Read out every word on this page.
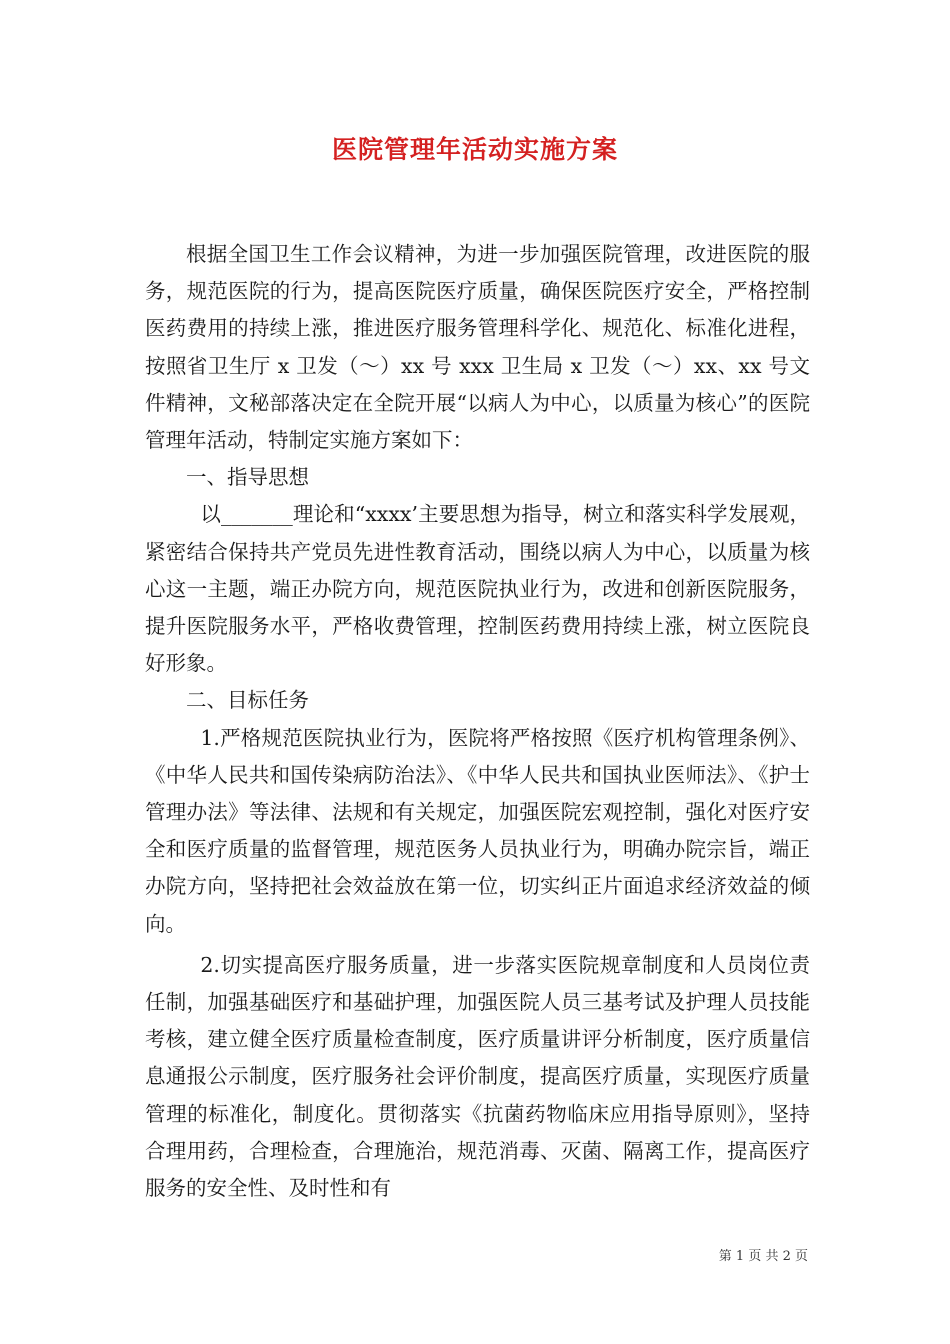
医院管理年活动实施方案

根据全国卫生工作会议精神，为进一步加强医院管理，改进医院的服务，规范医院的行为，提高医院医疗质量，确保医院医疗安全，严格控制医药费用的持续上涨，推进医疗服务管理科学化、规范化、标准化进程，按照省卫生厅 x 卫发（～）xx 号 xxx 卫生局 x 卫发（～）xx、xx 号文件精神，文秘部落决定在全院开展“以病人为中心，以质量为核心”的医院管理年活动，特制定实施方案如下：

一、指导思想

以_______理论和“xxxx’主要思想为指导，树立和落实科学发展观，紧密结合保持共产党员先进性教育活动，围绕以病人为中心，以质量为核心这一主题，端正办院方向，规范医院执业行为，改进和创新医院服务，提升医院服务水平，严格收费管理，控制医药费用持续上涨，树立医院良好形象。

二、目标任务

1.严格规范医院执业行为，医院将严格按照《医疗机构管理条例》、《中华人民共和国传染病防治法》、《中华人民共和国执业医师法》、《护士管理办法》等法律、法规和有关规定，加强医院宏观控制，强化对医疗安全和医疗质量的监督管理，规范医务人员执业行为，明确办院宗旨，端正办院方向，坚持把社会效益放在第一位，切实纠正片面追求经济效益的倾向。

2.切实提高医疗服务质量，进一步落实医院规章制度和人员岗位责任制，加强基础医疗和基础护理，加强医院人员三基考试及护理人员技能考核，建立健全医疗质量检查制度，医疗质量讲评分析制度，医疗质量信息通报公示制度，医疗服务社会评价制度，提高医疗质量，实现医疗质量管理的标准化，制度化。贯彻落实《抗菌药物临床应用指导原则》，坚持合理用药，合理检查，合理施治，规范消毒、灭菌、隔离工作，提高医疗服务的安全性、及时性和有

第 1 页 共 2 页
